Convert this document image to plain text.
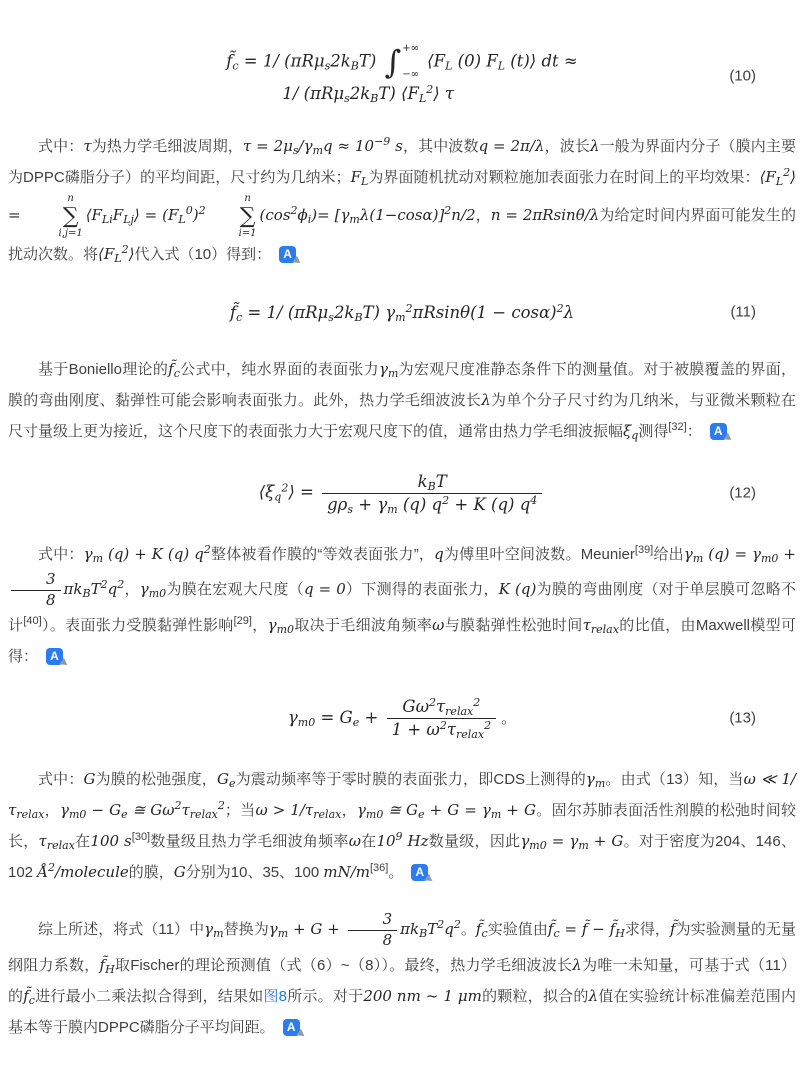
$f̃_c = 1/$ $(\pi R\mu_s2k_BT)$ ∫ +∞
−∞
$⟨F_L$ (0) $F_L$ (t)⟩ dt ≈
1/ $(\pi R\mu_s2k_BT)$ $⟨F_L^2⟩$ τ
(10)

式中：τ为热力学毛细波周期，$\tau = 2\mu_s/\gamma_mq \approx 10^{-9}$ s，其中波数q = 2π/λ，波长λ一般为界面内分子（膜内主要为DPPC磷脂分子）的平均间距，尺寸约为几纳米；$F_L$为界面随机扰动对颗粒施加表面张力在时间上的平均效果：$⟨F_L^2⟩$ =
n
∑
i,j=1
$⟨F_{Li}F_{Lj}⟩ = (F_L^0)^2$
n
∑
i=1
$(\cos^2\phi_i)= [\gamma_m\lambda(1-\cos\alpha)]^2n/2$，n = 2πRsinθ/λ为给定时间内界面可能发生的扰动次数。将$⟨F_L^2⟩$代入式（10）得到：	A

$f̃_c = 1/$ $(\pi R\mu_s2k_BT) \gamma_m^2\pi Rsin\theta(1 - \cos\alpha)^2\lambda$	(11)

基于Boniello理论的$f̃_c$公式中，纯水界面的表面张力$\gamma_m$为宏观尺度准静态条件下的测量值。对于被膜覆盖的界面，膜的弯曲刚度、黏弹性可能会影响表面张力。此外，热力学毛细波波长λ为单个分子尺寸约为几纳米，与亚微米颗粒在尺寸量级上更为接近，这个尺度下的表面张力大于宏观尺度下的值，通常由热力学毛细波振幅$\xi_q$测得[32]：	A

$⟨\xi_q^2⟩ = \frac{k_BT}{g\rho_s + \gamma_m (q) q^2 + K (q) q^4}$	(12)

式中：$\gamma_m$ (q) + K (q) $q^2$整体被看作膜的“等效表面张力”，q为傅里叶空间波数。Meunier[39]给出$\gamma_m$ $(q) = \gamma_{m0}$ +
$\frac{3}{8} \pi k_BT^2q^2$，$\gamma_{m0}$为膜在宏观大尺度（q = 0）下测得的表面张力，K (q)为膜的弯曲刚度（对于单层膜可忽略不计[40]）。表面张力受膜黏弹性影响[29]，$\gamma_{m0}$取决于毛细波角频率ω与膜黏弹性松弛时间$\tau_{relax}$的比值，由Maxwell模型可得：	A

$\gamma_{m0} = G_e + \frac{G\omega^2\tau_{relax}^2}{1 + \omega^2\tau_{relax}^2}$ 。	(13)

式中：G为膜的松弛强度，$G_e$为震动频率等于零时膜的表面张力，即CDS上测得的$\gamma_m$。由式（13）知，当ω ≪ $1/\tau_{relax}$，$\gamma_{m0} - G_e$ ≅ $G\omega^2\tau_{relax}^2$；当$\omega > 1/\tau_{relax}$，$\gamma_{m0}$ ≅ $G_e + G = \gamma_m + G$。固尔苏肺表面活性剂膜的松弛时间较长，$\tau_{relax}$在100 s[30]数量级且热力学毛细波角频率ω在$10^9$ Hz数量级，因此$\gamma_{m0} = \gamma_m + G$。对于密度为204、146、102 $Å^2$/molecule的膜，G分别为10、35、100 mN/m[36]。	A

综上所述，将式（11）中$\gamma_m$替换为$\gamma_m + G + \frac{3}{8} \pi k_BT^2q^2$。$f̃_c$实验值由$f̃_c$ = f̃ − $f̃_H$求得，f̃为实验测量的无量纲阻力系数，$f̃_H$取Fischer的理论预测值（式（6）~（8））。最终，热力学毛细波波长λ为唯一未知量，可基于式（11）的$f̃_c$进行最小二乘法拟合得到，结果如图8所示。对于200 nm ~ 1 μm的颗粒，拟合的λ值在实验统计标准偏差范围内基本等于膜内DPPC磷脂分子平均间距。	A
